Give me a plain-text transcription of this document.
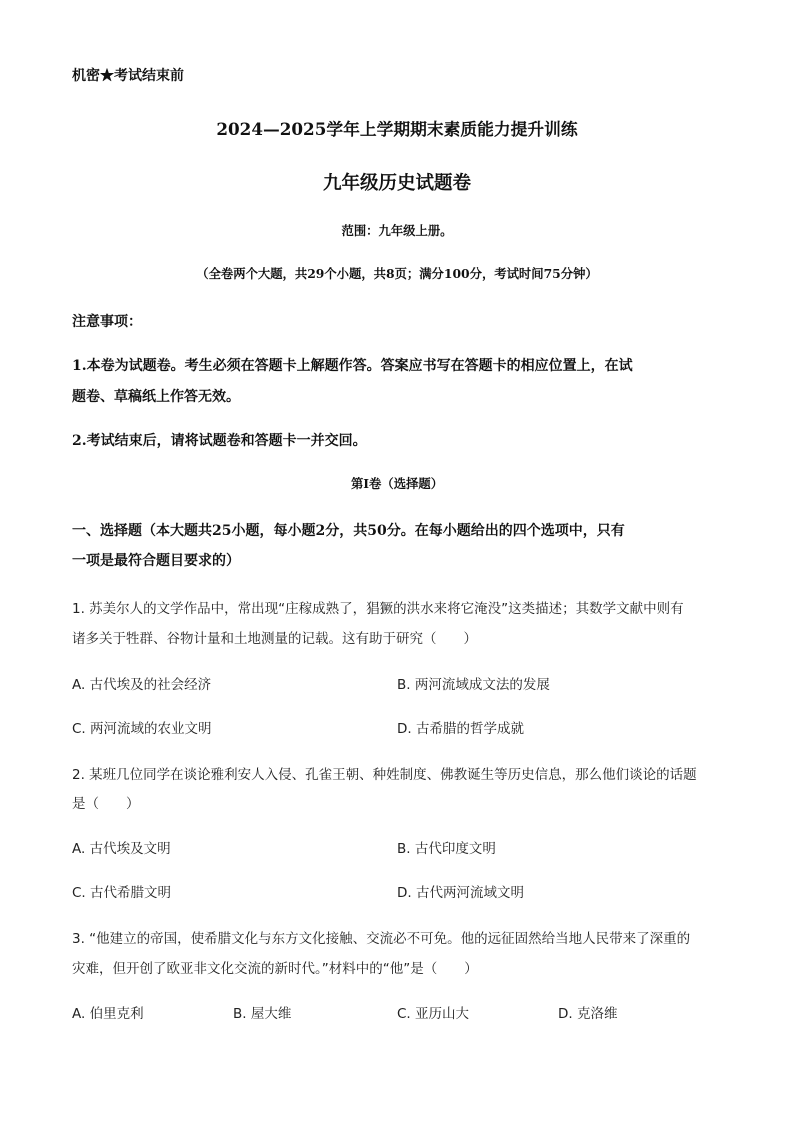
机密★考试结束前
2024—2025学年上学期期末素质能力提升训练
九年级历史试题卷
范围：九年级上册。
（全卷两个大题，共29个小题，共8页；满分100分，考试时间75分钟）
注意事项：
1.本卷为试题卷。考生必须在答题卡上解题作答。答案应书写在答题卡的相应位置上，在试
题卷、草稿纸上作答无效。
2.考试结束后，请将试题卷和答题卡一并交回。
第Ⅰ卷（选择题）
一、选择题（本大题共25小题，每小题2分，共50分。在每小题给出的四个选项中，只有
一项是最符合题目要求的）
1. 苏美尔人的文学作品中，常出现“庄稼成熟了，猖獗的洪水来将它淹没”这类描述；其数学文献中则有
诸多关于牲群、谷物计量和土地测量的记载。这有助于研究（　　）
A. 古代埃及的社会经济	B. 两河流域成文法的发展
C. 两河流域的农业文明	D. 古希腊的哲学成就
2. 某班几位同学在谈论雅利安人入侵、孔雀王朝、种姓制度、佛教诞生等历史信息，那么他们谈论的话题
是（　　）
A. 古代埃及文明	B. 古代印度文明
C. 古代希腊文明	D. 古代两河流域文明
3. “他建立的帝国，使希腊文化与东方文化接触、交流必不可免。他的远征固然给当地人民带来了深重的
灾难，但开创了欧亚非文化交流的新时代。”材料中的“他”是（　　）
A. 伯里克利	B. 屋大维	C. 亚历山大	D. 克洛维
